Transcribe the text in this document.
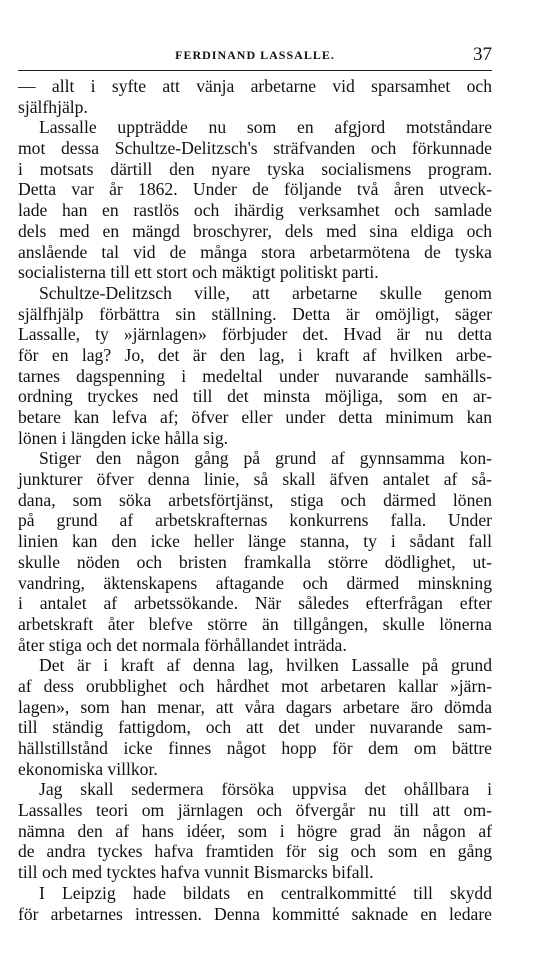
FERDINAND LASSALLE.	37
— allt i syfte att vänja arbetarne vid sparsamhet och
själfhjälp.
Lassalle uppträdde nu som en afgjord motståndare
mot dessa Schultze-Delitzsch's sträfvanden och förkunnade
i motsats därtill den nyare tyska socialismens program.
Detta var år 1862. Under de följande två åren utveck-
lade han en rastlös och ihärdig verksamhet och samlade
dels med en mängd broschyrer, dels med sina eldiga och
anslående tal vid de många stora arbetarmötena de tyska
socialisterna till ett stort och mäktigt politiskt parti.
Schultze-Delitzsch ville, att arbetarne skulle genom
själfhjälp förbättra sin ställning. Detta är omöjligt, säger
Lassalle, ty »järnlagen» förbjuder det. Hvad är nu detta
för en lag? Jo, det är den lag, i kraft af hvilken arbe-
tarnes dagspenning i medeltal under nuvarande samhälls-
ordning tryckes ned till det minsta möjliga, som en ar-
betare kan lefva af; öfver eller under detta minimum kan
lönen i längden icke hålla sig.
Stiger den någon gång på grund af gynnsamma kon-
junkturer öfver denna linie, så skall äfven antalet af så-
dana, som söka arbetsförtjänst, stiga och därmed lönen
på grund af arbetskrafternas konkurrens falla. Under
linien kan den icke heller länge stanna, ty i sådant fall
skulle nöden och bristen framkalla större dödlighet, ut-
vandring, äktenskapens aftagande och därmed minskning
i antalet af arbetssökande. När således efterfrågan efter
arbetskraft åter blefve större än tillgången, skulle lönerna
åter stiga och det normala förhållandet inträda.
Det är i kraft af denna lag, hvilken Lassalle på grund
af dess orubblighet och hårdhet mot arbetaren kallar »järn-
lagen», som han menar, att våra dagars arbetare äro dömda
till ständig fattigdom, och att det under nuvarande sam-
hällstillstånd icke finnes något hopp för dem om bättre
ekonomiska villkor.
Jag skall sedermera försöka uppvisa det ohållbara i
Lassalles teori om järnlagen och öfvergår nu till att om-
nämna den af hans idéer, som i högre grad än någon af
de andra tyckes hafva framtiden för sig och som en gång
till och med tycktes hafva vunnit Bismarcks bifall.
I Leipzig hade bildats en centralkommitté till skydd
för arbetarnes intressen. Denna kommitté saknade en ledare
